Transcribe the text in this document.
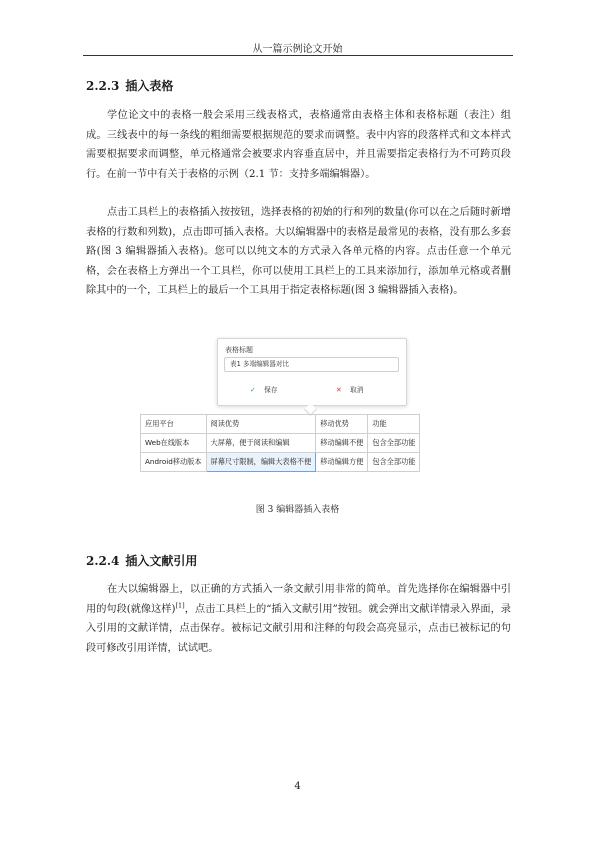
从一篇示例论文开始
2.2.3 插入表格

学位论文中的表格一般会采用三线表格式，表格通常由表格主体和表格标题（表注）组成。三线表中的每一条线的粗细需要根据规范的要求而调整。表中内容的段落样式和文本样式需要根据要求而调整，单元格通常会被要求内容垂直居中，并且需要指定表格行为不可跨页段行。在前一节中有关于表格的示例（2.1 节：支持多端编辑器）。

点击工具栏上的表格插入按按钮，选择表格的初始的行和列的数量(你可以在之后随时新增表格的行数和列数)，点击即可插入表格。大以编辑器中的表格是最常见的表格，没有那么多套路(图 3 编辑器插入表格)。您可以以纯文本的方式录入各单元格的内容。点击任意一个单元格，会在表格上方弹出一个工具栏，你可以使用工具栏上的工具来添加行，添加单元格或者删除其中的一个，工具栏上的最后一个工具用于指定表格标题(图 3 编辑器插入表格)。

表格标题
表1 多端编辑器对比
✓ 保存	✕ 取消
应用平台	阅读优势	移动优势	功能
Web在线版本	大屏幕，便于阅读和编辑	移动编辑不便	包含全部功能
Android移动版本	屏幕尺寸限制，编辑大表格不便	移动编辑方便	包含全部功能
图 3 编辑器插入表格
2.2.4 插入文献引用

在大以编辑器上，以正确的方式插入一条文献引用非常的简单。首先选择你在编辑器中引用的句段(就像这样)[1]，点击工具栏上的“插入文献引用”按钮。就会弹出文献详情录入界面，录入引用的文献详情，点击保存。被标记文献引用和注释的句段会高亮显示，点击已被标记的句段可修改引用详情，试试吧。

4
